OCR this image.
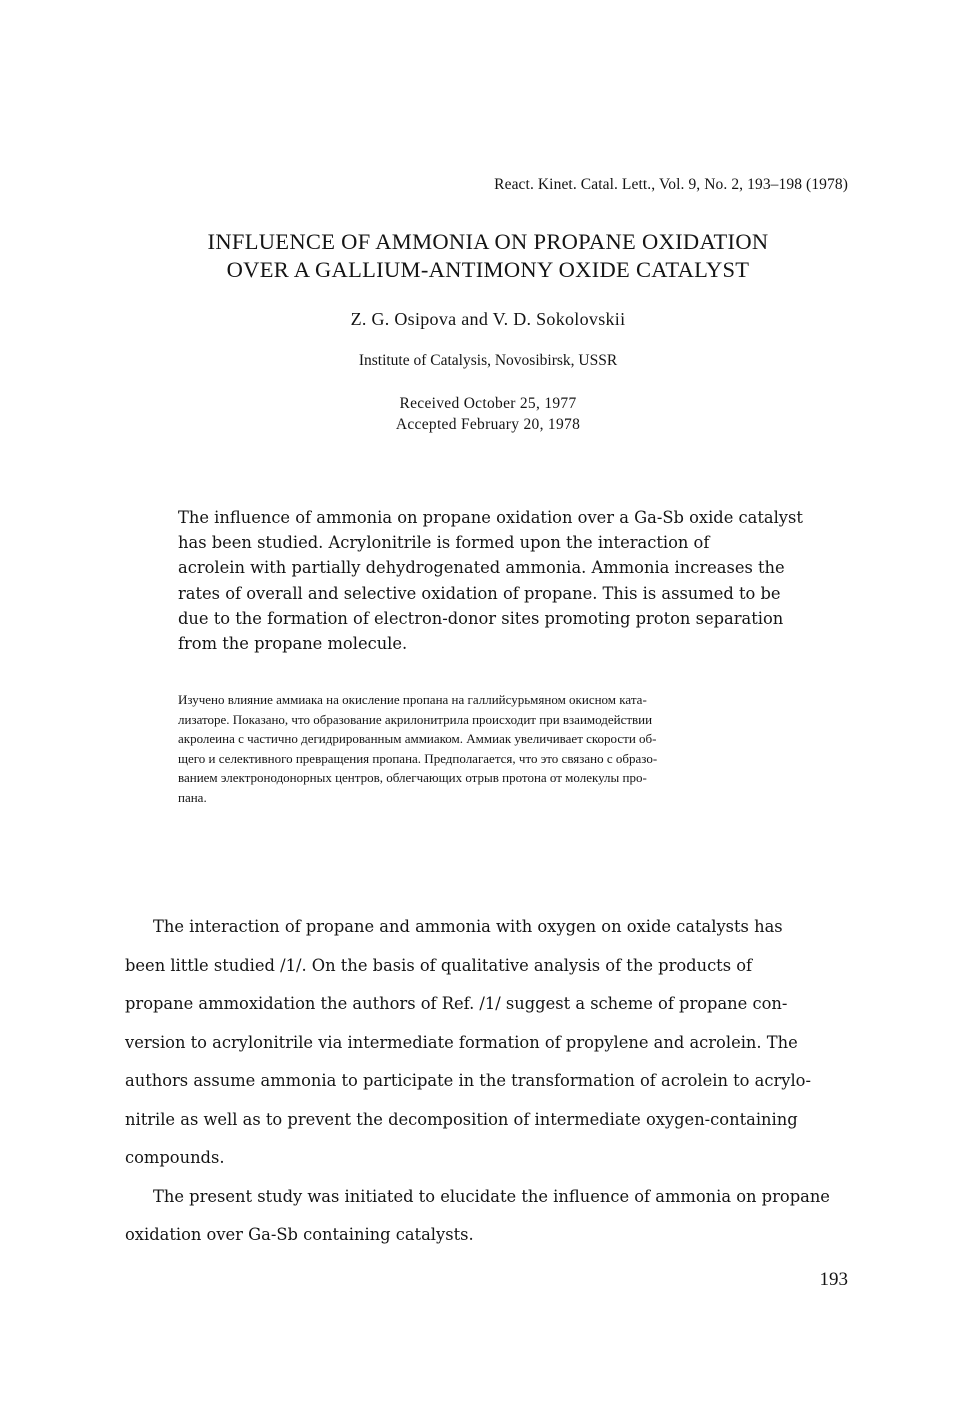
React. Kinet. Catal. Lett., Vol. 9, No. 2, 193–198 (1978)
INFLUENCE OF AMMONIA ON PROPANE OXIDATION
OVER A GALLIUM-ANTIMONY OXIDE CATALYST
Z. G. Osipova and V. D. Sokolovskii
Institute of Catalysis, Novosibirsk, USSR
Received October 25, 1977
Accepted February 20, 1978
The influence of ammonia on propane oxidation over a Ga-Sb oxide catalyst
has been studied. Acrylonitrile is formed upon the interaction of
acrolein with partially dehydrogenated ammonia. Ammonia increases the
rates of overall and selective oxidation of propane. This is assumed to be
due to the formation of electron-donor sites promoting proton separation
from the propane molecule.
Изучено влияние аммиака на окисление пропана на галлийсурьмяном окисном ката-
лизаторе. Показано, что образование акрилонитрила происходит при взаимодействии
акролеина с частично дегидрированным аммиаком. Аммиак увеличивает скорости об-
щего и селективного превращения пропана. Предполагается, что это связано с образо-
ванием электронодонорных центров, облегчающих отрыв протона от молекулы про-
пана.
The interaction of propane and ammonia with oxygen on oxide catalysts has
been little studied /1/. On the basis of qualitative analysis of the products of
propane ammoxidation the authors of Ref. /1/ suggest a scheme of propane con-
version to acrylonitrile via intermediate formation of propylene and acrolein. The
authors assume ammonia to participate in the transformation of acrolein to acrylo-
nitrile as well as to prevent the decomposition of intermediate oxygen-containing
compounds.
The present study was initiated to elucidate the influence of ammonia on propane
oxidation over Ga-Sb containing catalysts.
193
